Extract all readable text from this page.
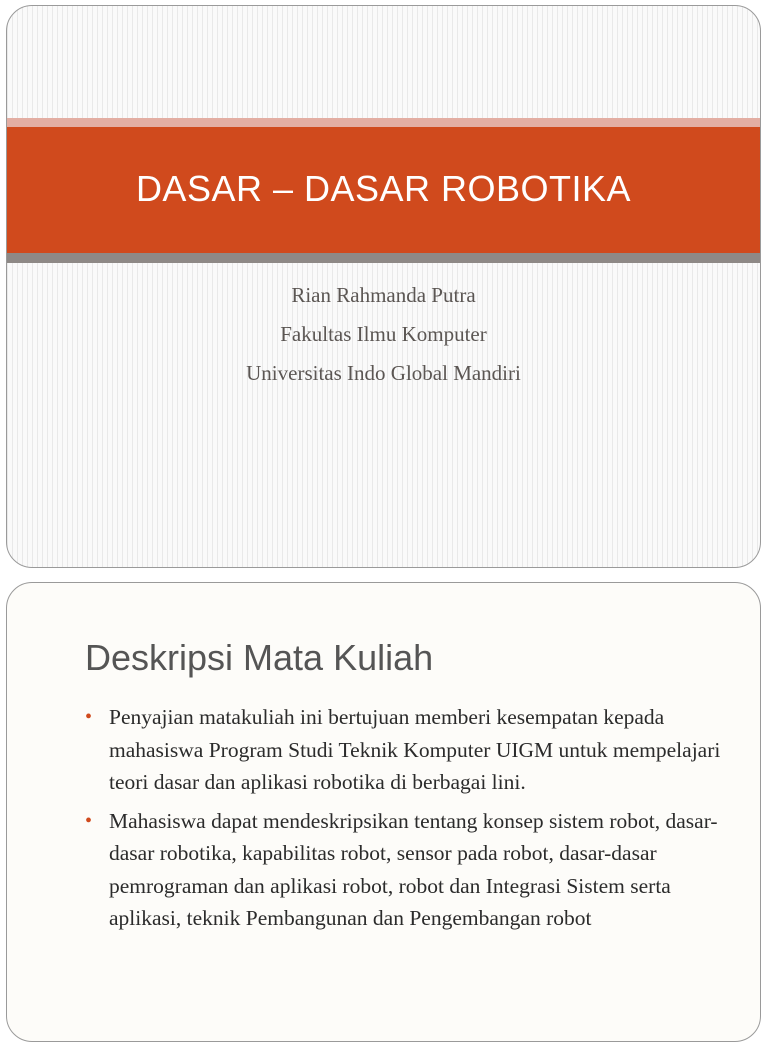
DASAR – DASAR ROBOTIKA
Rian Rahmanda Putra
Fakultas Ilmu Komputer
Universitas Indo Global Mandiri
Deskripsi Mata Kuliah
• Penyajian matakuliah ini bertujuan memberi kesempatan kepada mahasiswa Program Studi Teknik Komputer UIGM untuk mempelajari teori dasar dan aplikasi robotika di berbagai lini.
• Mahasiswa dapat mendeskripsikan tentang konsep sistem robot, dasar-dasar robotika, kapabilitas robot, sensor pada robot, dasar-dasar pemrograman dan aplikasi robot, robot dan Integrasi Sistem serta aplikasi, teknik Pembangunan dan Pengembangan robot
